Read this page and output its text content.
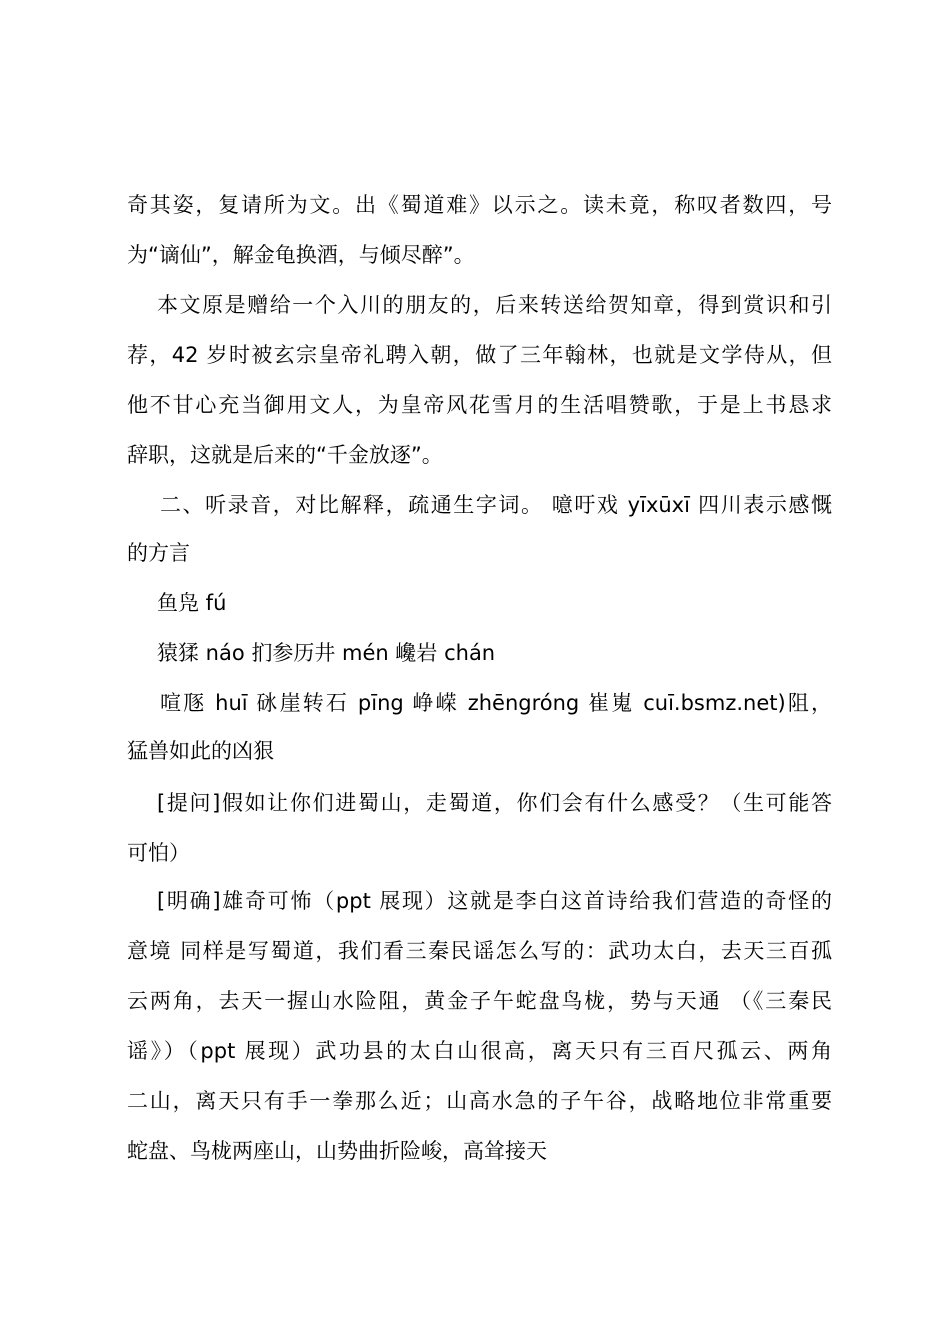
奇其姿，复请所为文。出《蜀道难》以示之。读未竟，称叹者数四，号
为“谪仙”，解金龟换酒，与倾尽醉”。
本文原是赠给一个入川的朋友的，后来转送给贺知章，得到赏识和引
荐，42 岁时被玄宗皇帝礼聘入朝，做了三年翰林，也就是文学侍从，但
他不甘心充当御用文人，为皇帝风花雪月的生活唱赞歌，于是上书恳求
辞职，这就是后来的“千金放逐”。
二、听录音，对比解释，疏通生字词。 噫吁戏 yīxūxī 四川表示感慨
的方言
鱼凫 fú
猿猱 náo 扪参历井 mén 巉岩 chán
喧豗 huī 砯崖转石 pīng 峥嵘 zhēngróng 崔嵬 cuī.bsmz.net)阻，
猛兽如此的凶狠
[提问]假如让你们进蜀山，走蜀道，你们会有什么感受？（生可能答
可怕）
[明确]雄奇可怖（ppt 展现）这就是李白这首诗给我们营造的奇怪的
意境 同样是写蜀道，我们看三秦民谣怎么写的：武功太白，去天三百孤
云两角，去天一握山水险阻，黄金子午蛇盘鸟栊，势与天通 （《三秦民
谣》）（ppt 展现）武功县的太白山很高，离天只有三百尺孤云、两角
二山，离天只有手一拳那么近；山高水急的子午谷，战略地位非常重要
蛇盘、鸟栊两座山，山势曲折险峻，高耸接天
